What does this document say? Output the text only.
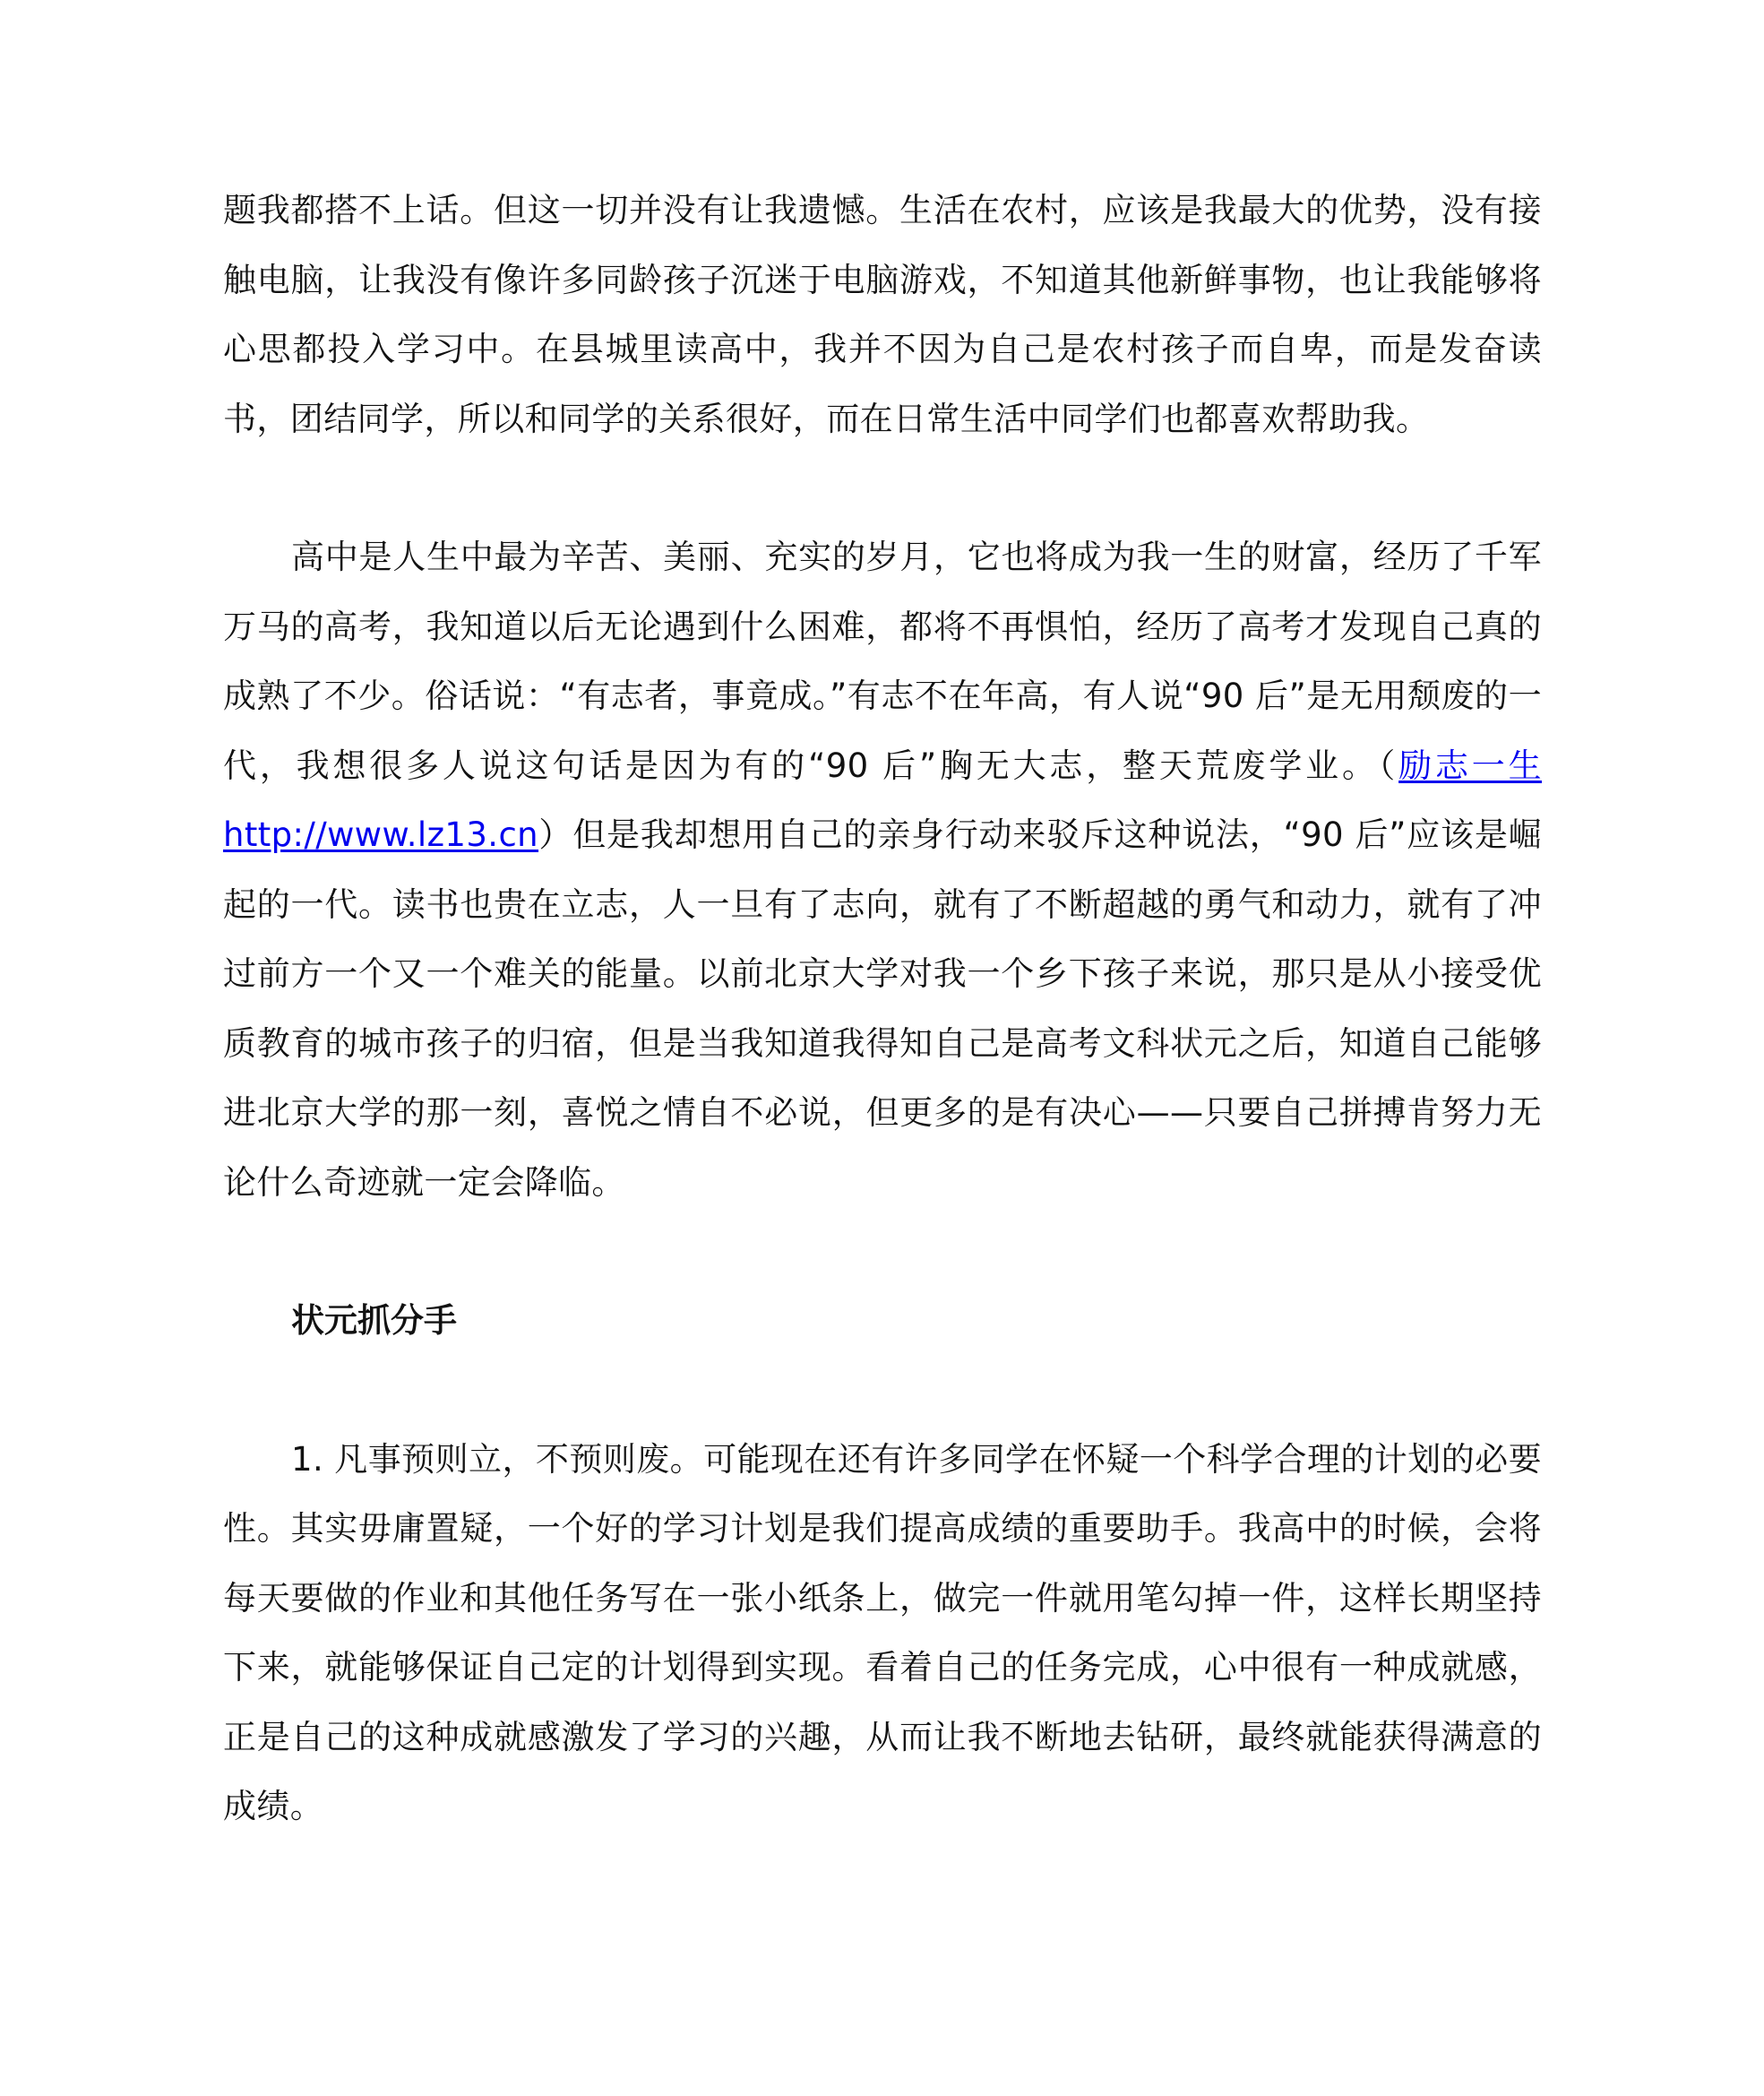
题我都搭不上话。但这一切并没有让我遗憾。生活在农村，应该是我最大的优势，没有接触电脑，让我没有像许多同龄孩子沉迷于电脑游戏，不知道其他新鲜事物，也让我能够将心思都投入学习中。在县城里读高中，我并不因为自己是农村孩子而自卑，而是发奋读书，团结同学，所以和同学的关系很好，而在日常生活中同学们也都喜欢帮助我。

高中是人生中最为辛苦、美丽、充实的岁月，它也将成为我一生的财富，经历了千军万马的高考，我知道以后无论遇到什么困难，都将不再惧怕，经历了高考才发现自己真的成熟了不少。俗话说：“有志者，事竟成。”有志不在年高，有人说“90 后”是无用颓废的一代，我想很多人说这句话是因为有的“90 后”胸无大志，整天荒废学业。（励志一生 http://www.lz13.cn）但是我却想用自己的亲身行动来驳斥这种说法，“90 后”应该是崛起的一代。读书也贵在立志，人一旦有了志向，就有了不断超越的勇气和动力，就有了冲过前方一个又一个难关的能量。以前北京大学对我一个乡下孩子来说，那只是从小接受优质教育的城市孩子的归宿，但是当我知道我得知自己是高考文科状元之后，知道自己能够进北京大学的那一刻，喜悦之情自不必说，但更多的是有决心——只要自己拼搏肯努力无论什么奇迹就一定会降临。

状元抓分手

1. 凡事预则立，不预则废。可能现在还有许多同学在怀疑一个科学合理的计划的必要性。其实毋庸置疑，一个好的学习计划是我们提高成绩的重要助手。我高中的时候，会将每天要做的作业和其他任务写在一张小纸条上，做完一件就用笔勾掉一件，这样长期坚持下来，就能够保证自己定的计划得到实现。看着自己的任务完成，心中很有一种成就感，正是自己的这种成就感激发了学习的兴趣，从而让我不断地去钻研，最终就能获得满意的成绩。
